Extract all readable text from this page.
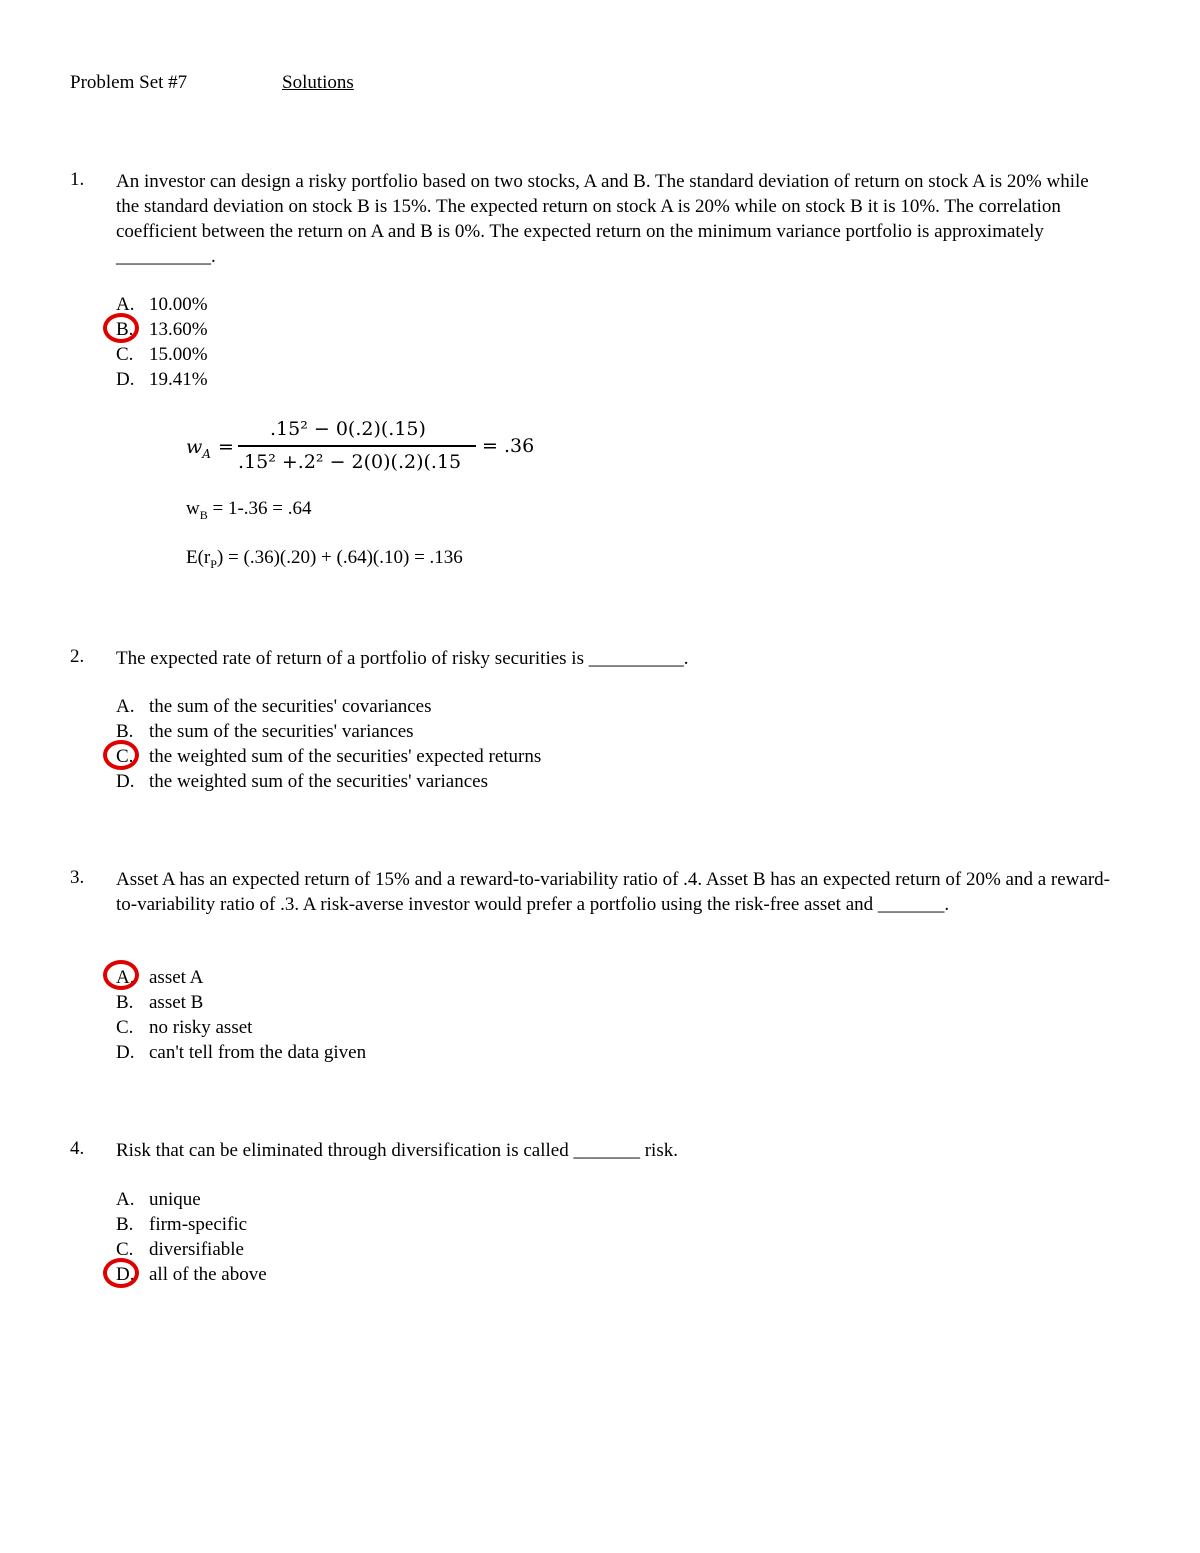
Problem Set #7	Solutions
1. An investor can design a risky portfolio based on two stocks, A and B. The standard deviation of return on stock A is 20% while the standard deviation on stock B is 15%. The expected return on stock A is 20% while on stock B it is 10%. The correlation coefficient between the return on A and B is 0%. The expected return on the minimum variance portfolio is approximately __________.
A. 10.00%
B. 13.60%
C. 15.00%
D. 19.41%
$w_A$ =
.15² − 0(.2)(.15)
.15² +.2² − 2(0)(.2)(.15
= .36
$w_B = 1-.36 = .64$
$E(r_P) = (.36)(.20) + (.64)(.10) = .136$
2. The expected rate of return of a portfolio of risky securities is __________.
A. the sum of the securities' covariances
B. the sum of the securities' variances
C. the weighted sum of the securities' expected returns
D. the weighted sum of the securities' variances
3. Asset A has an expected return of 15% and a reward-to-variability ratio of .4. Asset B has an expected return of 20% and a reward-to-variability ratio of .3. A risk-averse investor would prefer a portfolio using the risk-free asset and _______.
A. asset A
B. asset B
C. no risky asset
D. can't tell from the data given
4. Risk that can be eliminated through diversification is called _______ risk.
A. unique
B. firm-specific
C. diversifiable
D. all of the above
